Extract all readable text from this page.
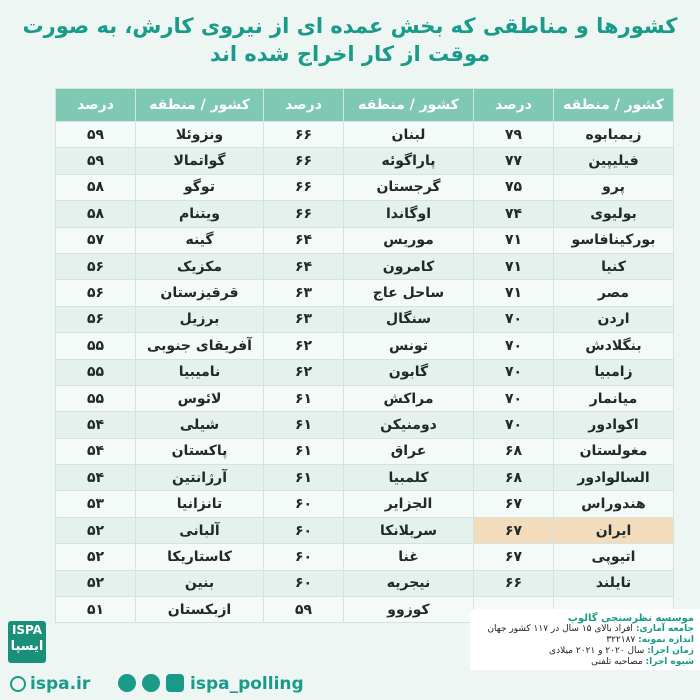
کشورها و مناطقی که بخش عمده ای از نیروی کارش، به صورت
موقت از کار اخراج شده اند
کشور / منطقه	درصد	کشور / منطقه	درصد	کشور / منطقه	درصد
زیمبابوه	۷۹	لبنان	۶۶	ونزوئلا	۵۹
فیلیپین	۷۷	پاراگوئه	۶۶	گواتمالا	۵۹
پرو	۷۵	گرجستان	۶۶	توگو	۵۸
بولیوی	۷۴	اوگاندا	۶۶	ویتنام	۵۸
بورکینافاسو	۷۱	موریس	۶۴	گینه	۵۷
کنیا	۷۱	کامرون	۶۴	مکزیک	۵۶
مصر	۷۱	ساحل عاج	۶۳	قرقیزستان	۵۶
اردن	۷۰	سنگال	۶۳	برزیل	۵۶
بنگلادش	۷۰	تونس	۶۲	آفریقای جنوبی	۵۵
زامبیا	۷۰	گابون	۶۲	نامیبیا	۵۵
میانمار	۷۰	مراکش	۶۱	لائوس	۵۵
اکوادور	۷۰	دومنیکن	۶۱	شیلی	۵۴
مغولستان	۶۸	عراق	۶۱	پاکستان	۵۴
السالوادور	۶۸	کلمبیا	۶۱	آرژانتین	۵۴
هندوراس	۶۷	الجزایر	۶۰	تانزانیا	۵۳
ایران	۶۷	سریلانکا	۶۰	آلبانی	۵۲
اتیوپی	۶۷	غنا	۶۰	کاستاریکا	۵۲
تایلند	۶۶	نیجریه	۶۰	بنین	۵۲
		کوزوو	۵۹	ازبکستان	۵۱
موسسه نظرسنجی گالوپ
جامعه آماری: افراد بالای ۱۵ سال در ۱۱۷ کشور جهان
اندازه نمونه: ۳۲۲۱۸۷
زمان اجرا: سال ۲۰۲۰ و ۲۰۲۱ میلادی
شیوه اجرا: مصاحبه تلفنی
ISPA
ایسپا
ispa.ir	ispa_polling
